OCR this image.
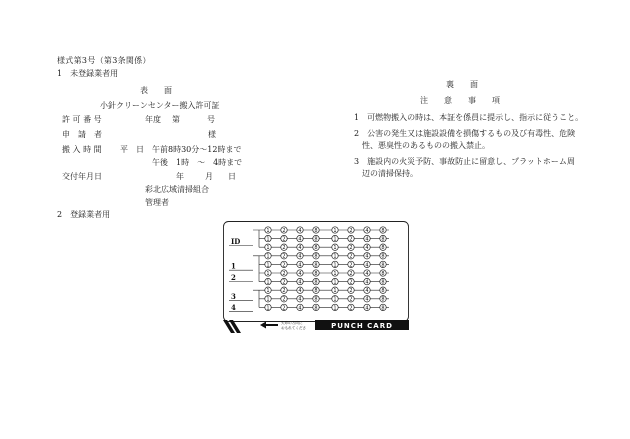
様式第3号（第3条関係）
1　未登録業者用
表　　面
小針クリーンセンター搬入許可証
許 可 番 号	年度 第	号
申　請　者	様
搬 入 時 間 平　日 午前8時30分～12時まで
午後　1時　～　4時まで
交付年月日	年	月 日
彩北広域清掃組合
管理者
2　登録業者用
裏　　面
注　　意　　事　　項
1　可燃物搬入の時は、本証を係員に提示し、指示に従うこと。
2　公害の発生又は施設設備を損傷するもの及び有毒性、危険
性、悪臭性のあるものの搬入禁止。
3　施設内の火災予防、事故防止に留意し、プラットホーム周
辺の清掃保持。
1	2	4	8	1	2	4	8
1	2	4	8	1	2	4	8
1	2	4	8	1	2	4	8
1	2	4	8	1	2	4	8
1	2	4	8	1	2	4	8
1	2	4	8	1	2	4	8
1	2	4	8	1	2	4	8
1	2	4	8	1	2	4	8
1	2	4	8	1	2	4	8
1	2	4	8	1	2	4	8
ID
1
2
3
4
矢印の方向に
おもれてくださ	PUNCH CARD
